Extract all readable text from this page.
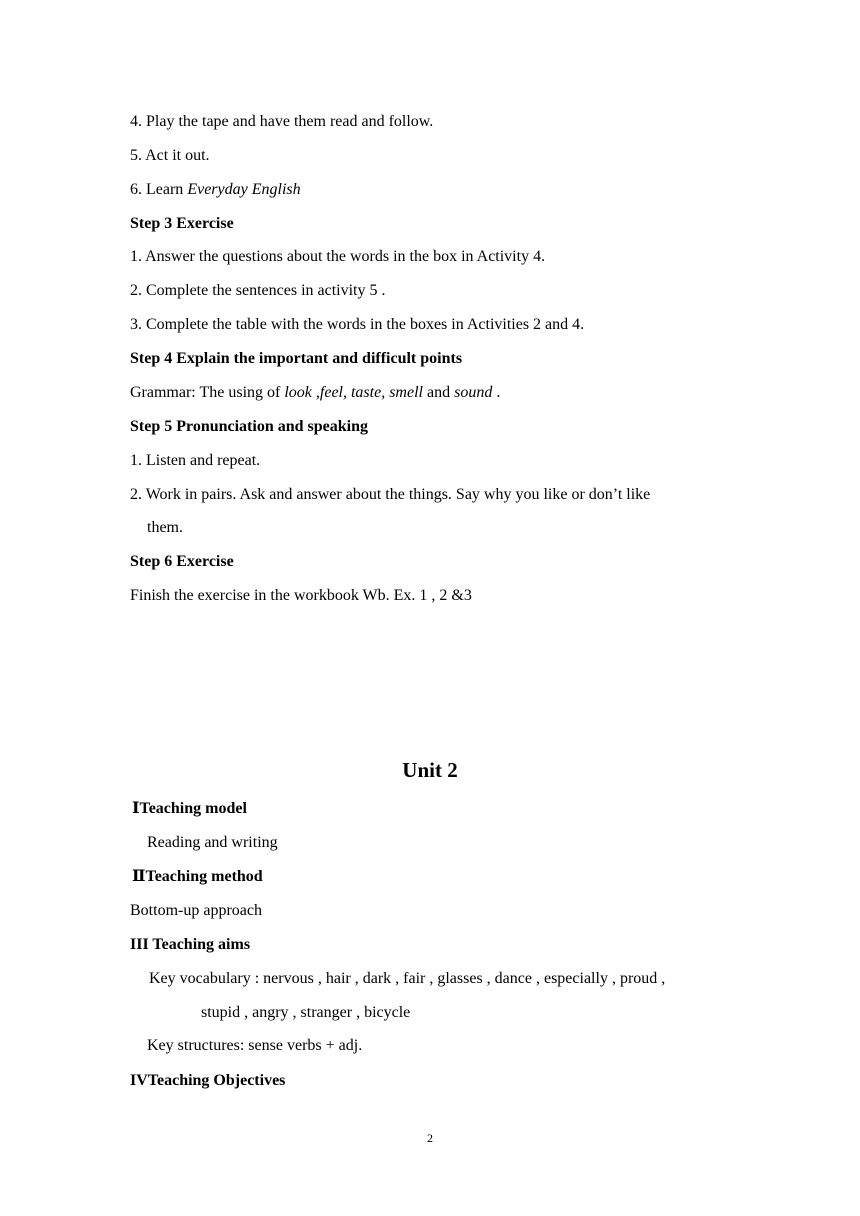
4. Play the tape and have them read and follow.
5. Act it out.
6. Learn Everyday English
Step 3 Exercise
1. Answer the questions about the words in the box in Activity 4.
2. Complete the sentences in activity 5 .
3. Complete the table with the words in the boxes in Activities 2 and 4.
Step 4 Explain the important and difficult points
Grammar: The using of look ,feel, taste, smell and sound .
Step 5 Pronunciation and speaking
1. Listen and repeat.
2. Work in pairs. Ask and answer about the things. Say why you like or don’t like
them.
Step 6 Exercise
Finish the exercise in the workbook Wb. Ex. 1 , 2 &3
Unit 2
ⅠTeaching model
Reading and writing
ⅡTeaching method
Bottom-up approach
III Teaching aims
Key vocabulary : nervous , hair , dark , fair , glasses , dance , especially , proud ,
stupid , angry , stranger , bicycle
Key structures: sense verbs + adj.
IVTeaching Objectives
2
